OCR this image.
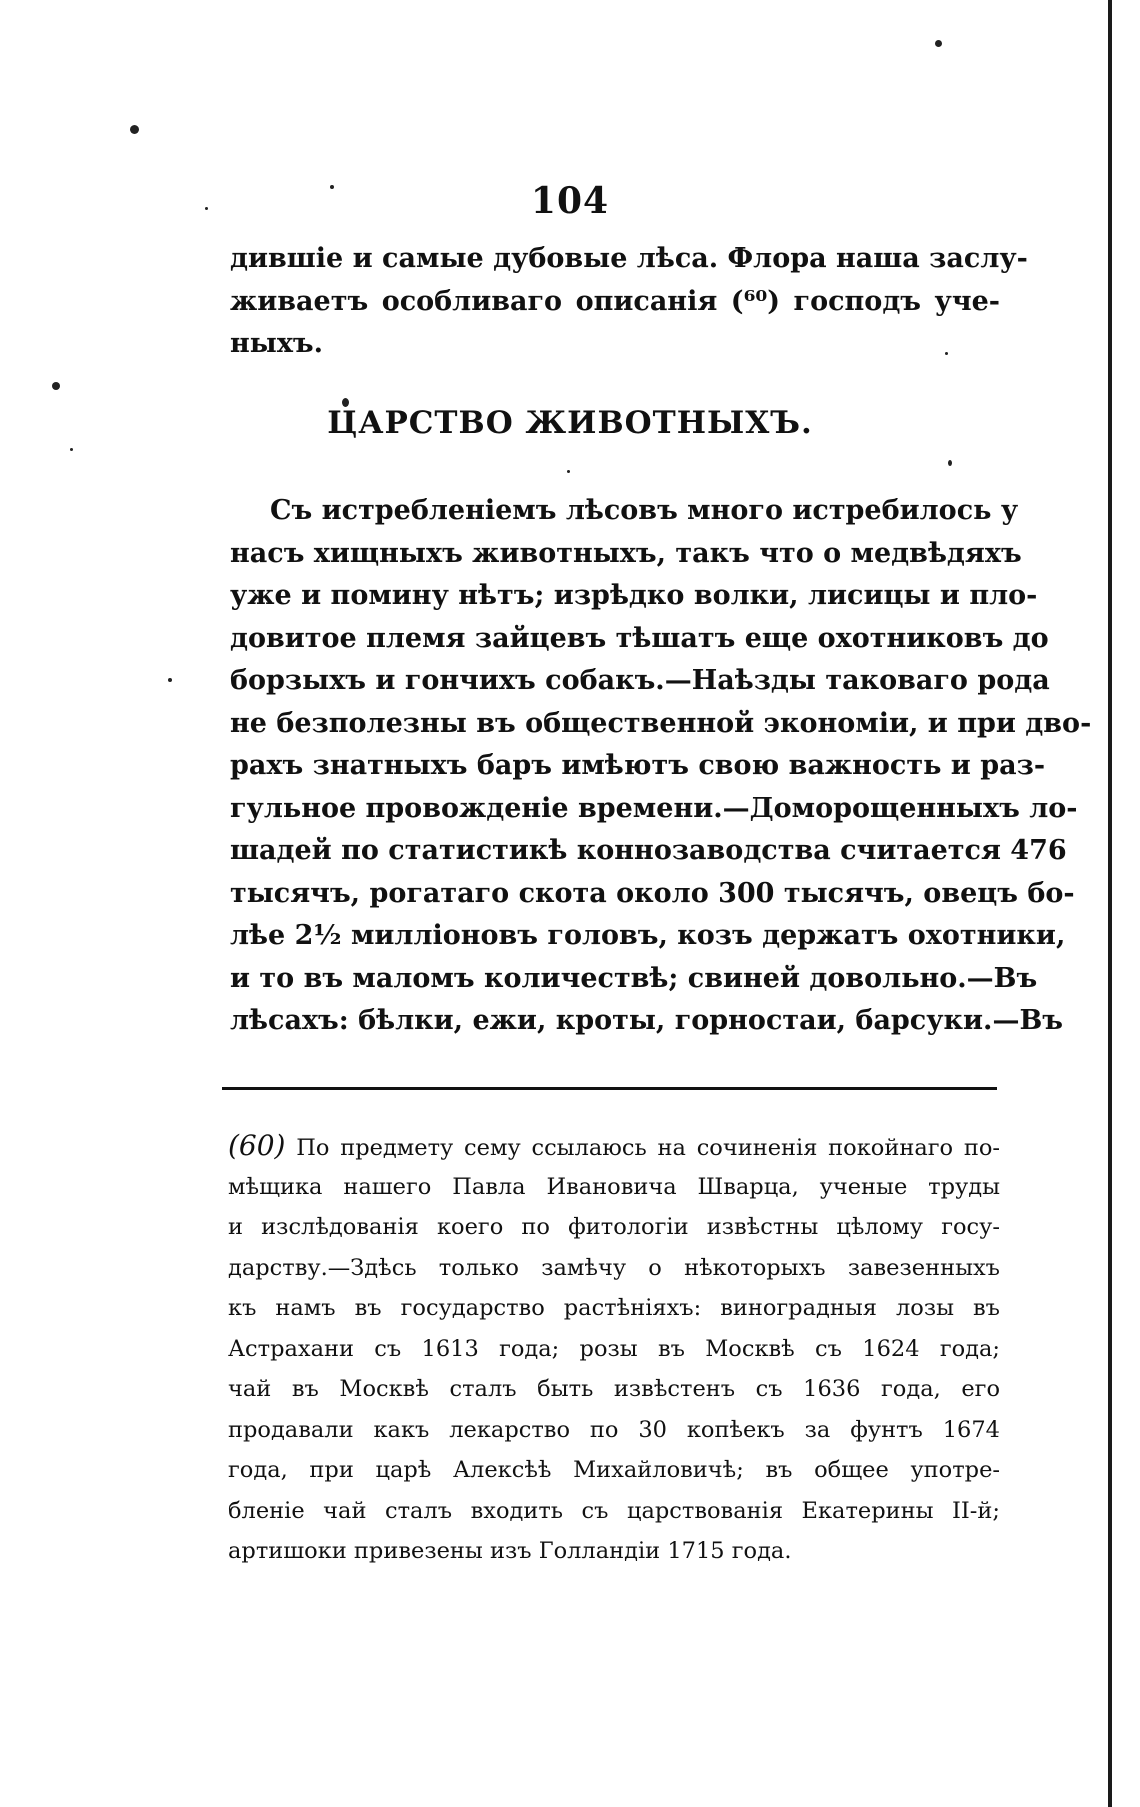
104
дившіе и самые дубовые лѣса. Флора наша заслу-
живаетъ особливаго описанія (⁶⁰) господъ уче-
ныхъ.
ЦАРСТВО ЖИВОТНЫХЪ.
Съ истребленіемъ лѣсовъ много истребилось у
насъ хищныхъ животныхъ, такъ что о медвѣдяхъ
уже и помину нѣтъ; изрѣдко волки, лисицы и пло-
довитое племя зайцевъ тѣшатъ еще охотниковъ до
борзыхъ и гончихъ собакъ.—Наѣзды таковаго рода
не безполезны въ общественной экономіи, и при дво-
рахъ знатныхъ баръ имѣютъ свою важность и раз-
гульное провожденіе времени.—Доморощенныхъ ло-
шадей по статистикѣ коннозаводства считается 476
тысячъ, рогатаго скота около 300 тысячъ, овецъ бо-
лѣе 2½ милліоновъ головъ, козъ держатъ охотники,
и то въ маломъ количествѣ; свиней довольно.—Въ
лѣсахъ: бѣлки, ежи, кроты, горностаи, барсуки.—Въ
(60) По предмету сему ссылаюсь на сочиненія покойнаго по-
мѣщика нашего Павла Ивановича Шварца, ученые труды
и изслѣдованія коего по фитологіи извѣстны цѣлому госу-
дарству.—Здѣсь только замѣчу о нѣкоторыхъ завезенныхъ
къ намъ въ государство растѣніяхъ: виноградныя лозы въ
Астрахани съ 1613 года; розы въ Москвѣ съ 1624 года;
чай въ Москвѣ сталъ быть извѣстенъ съ 1636 года, его
продавали какъ лекарство по 30 копѣекъ за фунтъ 1674
года, при царѣ Алексѣѣ Михайловичѣ; въ общее употре-
бленіе чай сталъ входить съ царствованія Екатерины II-й;
артишоки привезены изъ Голландіи 1715 года.
